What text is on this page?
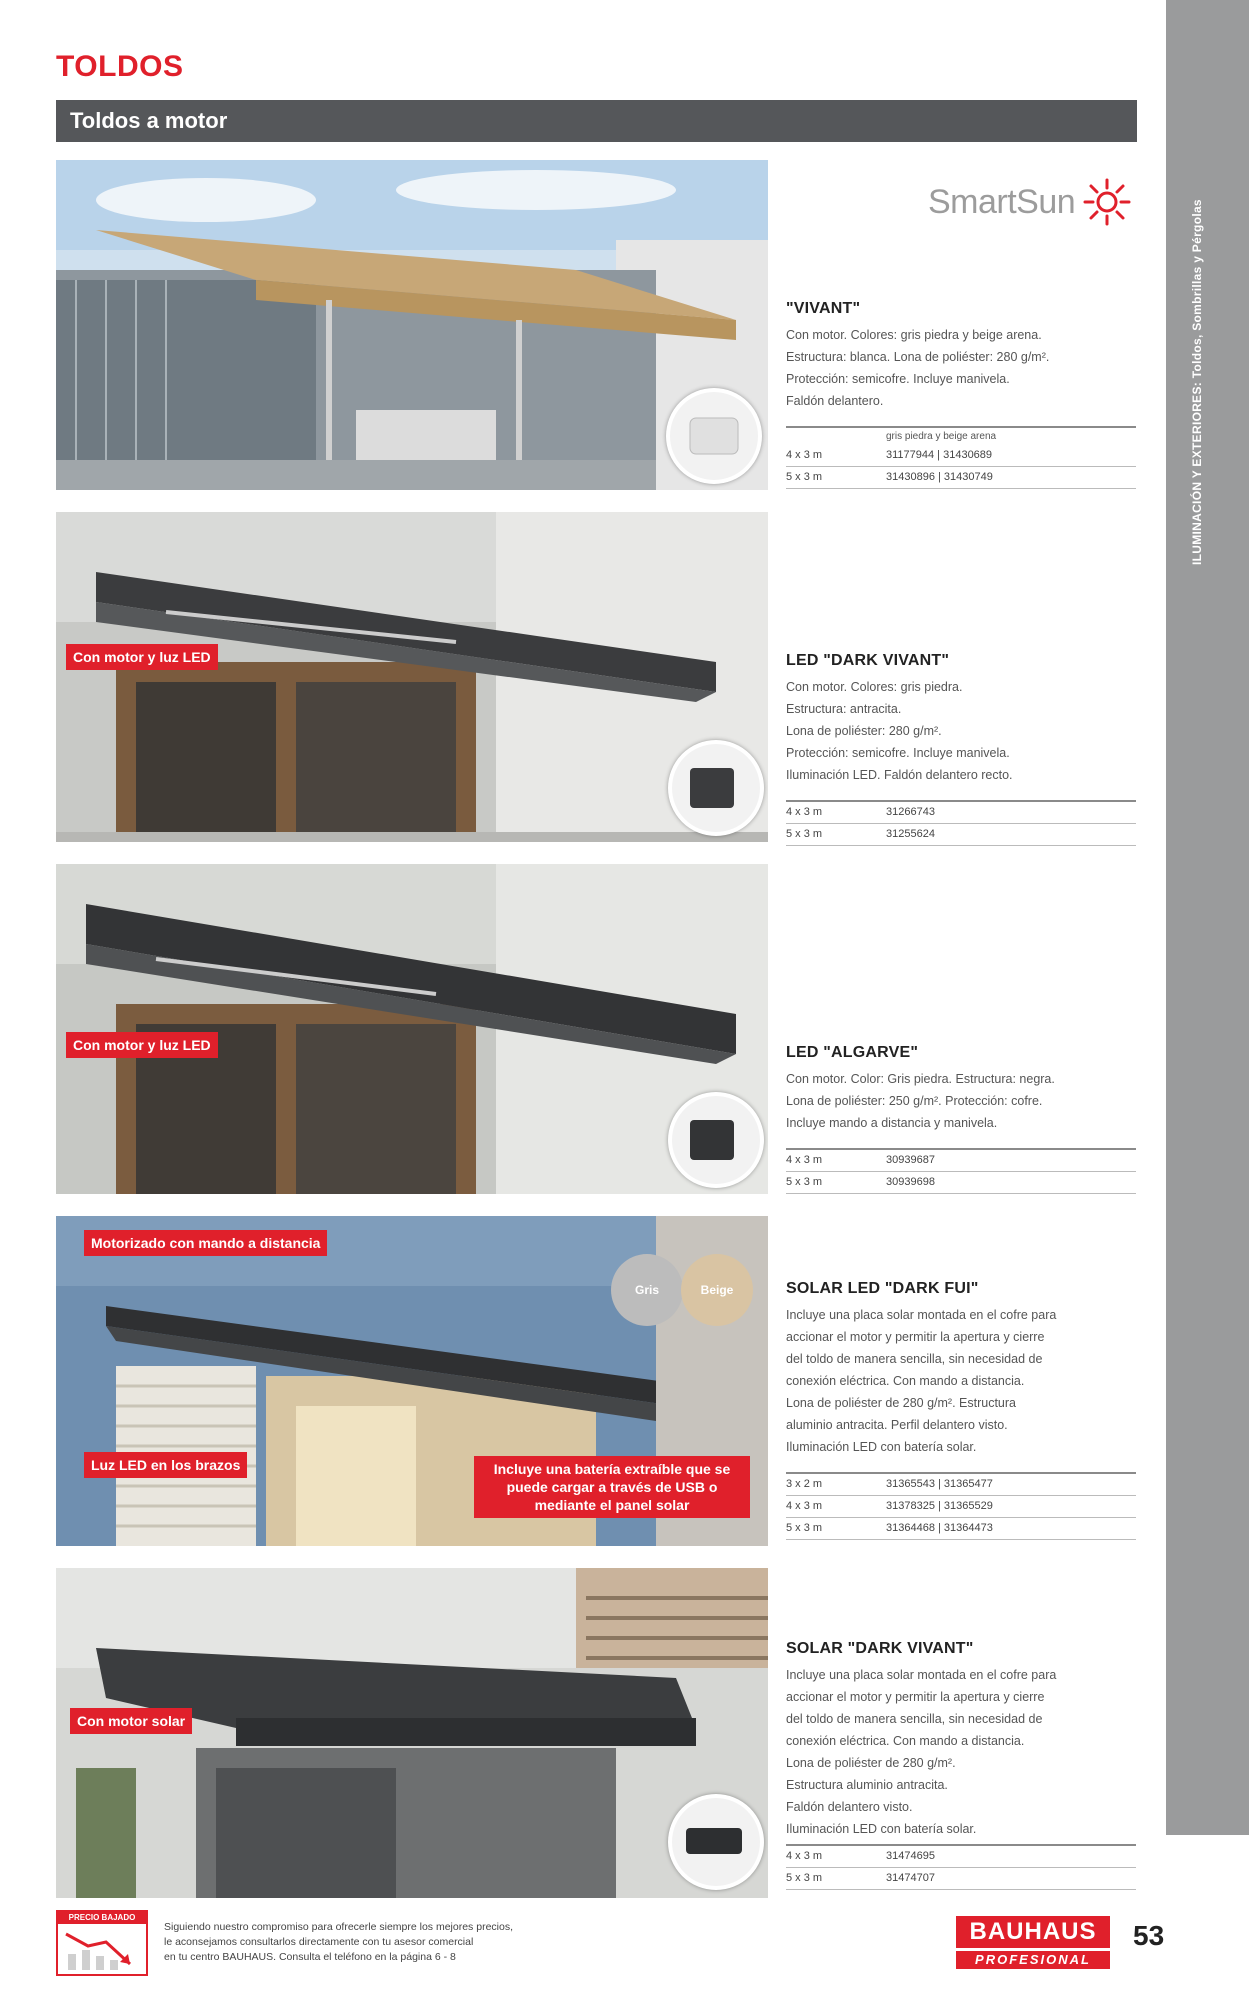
ILUMINACIÓN Y EXTERIORES: Toldos, Sombrillas y Pérgolas
TOLDOS
Toldos a motor
SmartSun
"VIVANT"

Con motor. Colores: gris piedra y beige arena.

Estructura: blanca. Lona de poliéster: 280 g/m².

Protección: semicofre. Incluye manivela.

Faldón delantero.

gris piedra y beige arena
4 x 3 m	31177944 | 31430689
5 x 3 m	31430896 | 31430749
Con motor y luz LED	LED "DARK VIVANT"

Con motor. Colores: gris piedra.

Estructura: antracita.

Lona de poliéster: 280 g/m².

Protección: semicofre. Incluye manivela.

Iluminación LED. Faldón delantero recto.

4 x 3 m	31266743
5 x 3 m	31255624
Con motor y luz LED	LED "ALGARVE"

Con motor. Color: Gris piedra. Estructura: negra.

Lona de poliéster: 250 g/m². Protección: cofre.

Incluye mando a distancia y manivela.

4 x 3 m	30939687
5 x 3 m	30939698
Motorizado con mando a distancia
Luz LED en los brazos	Incluye una batería extraíble que se puede cargar a través de USB o mediante el panel solar
Gris	Beige	SOLAR LED "DARK FUI"

Incluye una placa solar montada en el cofre para

accionar el motor y permitir la apertura y cierre

del toldo de manera sencilla, sin necesidad de

conexión eléctrica. Con mando a distancia.

Lona de poliéster de 280 g/m². Estructura

aluminio antracita. Perfil delantero visto.

Iluminación LED con batería solar.

3 x 2 m	31365543 | 31365477
4 x 3 m	31378325 | 31365529
5 x 3 m	31364468 | 31364473
Con motor solar
SOLAR "DARK VIVANT"

Incluye una placa solar montada en el cofre para

accionar el motor y permitir la apertura y cierre

del toldo de manera sencilla, sin necesidad de

conexión eléctrica. Con mando a distancia.

Lona de poliéster de 280 g/m².

Estructura aluminio antracita.

Faldón delantero visto.

Iluminación LED con batería solar.

4 x 3 m	31474695
5 x 3 m	31474707
PRECIO BAJADO
Siguiendo nuestro compromiso para ofrecerle siempre los mejores precios,
le aconsejamos consultarlos directamente con tu asesor comercial
en tu centro BAUHAUS. Consulta el teléfono en la página 6 - 8
BAUHAUS
PROFESIONAL
53
